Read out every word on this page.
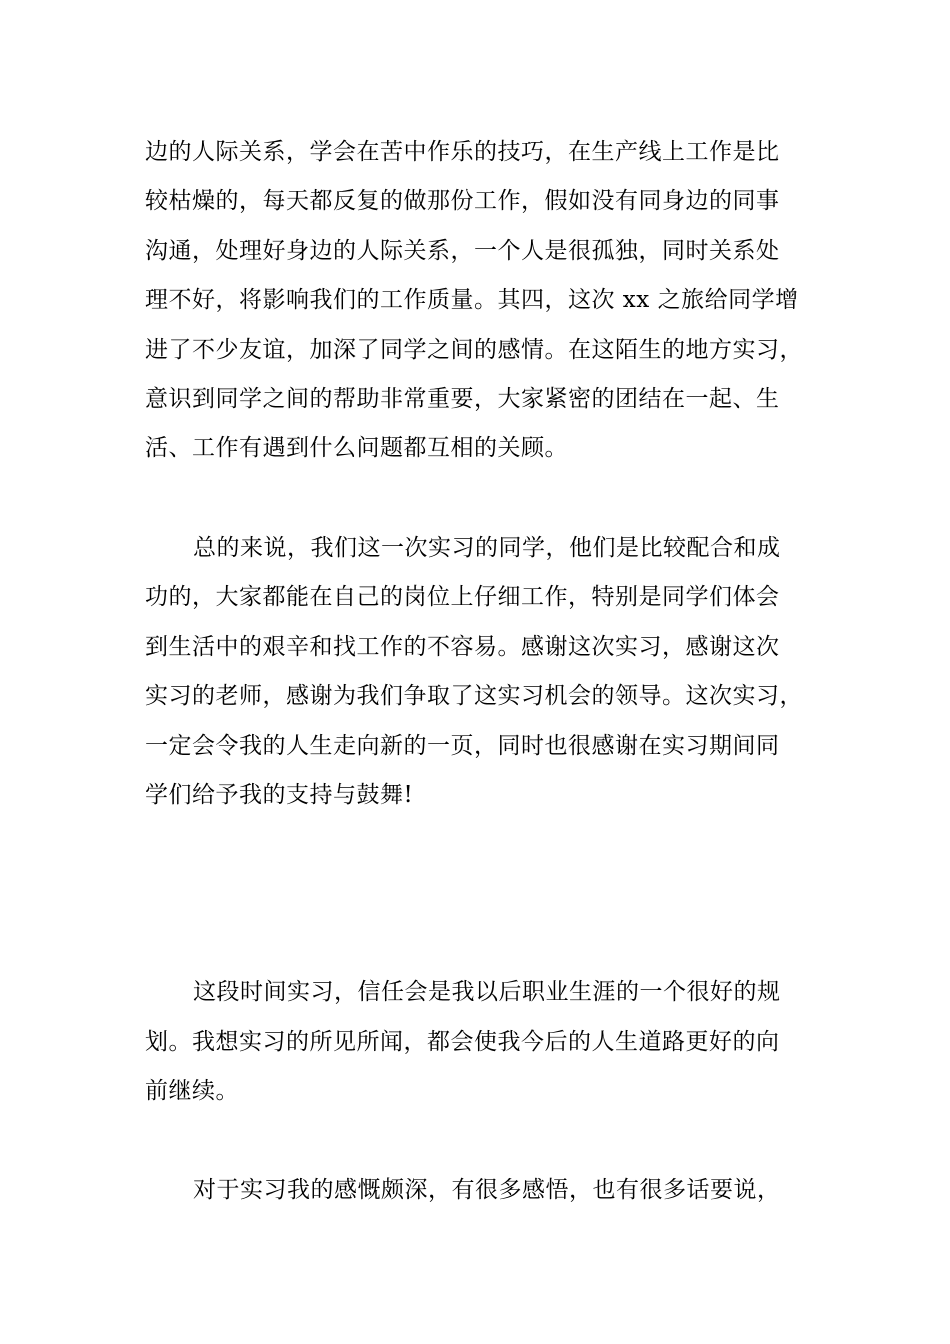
边的人际关系，学会在苦中作乐的技巧，在生产线上工作是比
较枯燥的，每天都反复的做那份工作，假如没有同身边的同事
沟通，处理好身边的人际关系，一个人是很孤独，同时关系处
理不好，将影响我们的工作质量。其四，这次 xx 之旅给同学增
进了不少友谊，加深了同学之间的感情。在这陌生的地方实习，
意识到同学之间的帮助非常重要，大家紧密的团结在一起、生
活、工作有遇到什么问题都互相的关顾。
总的来说，我们这一次实习的同学，他们是比较配合和成
功的，大家都能在自己的岗位上仔细工作，特别是同学们体会
到生活中的艰辛和找工作的不容易。感谢这次实习，感谢这次
实习的老师，感谢为我们争取了这实习机会的领导。这次实习，
一定会令我的人生走向新的一页，同时也很感谢在实习期间同
学们给予我的支持与鼓舞!
这段时间实习，信任会是我以后职业生涯的一个很好的规
划。我想实习的所见所闻，都会使我今后的人生道路更好的向
前继续。
对于实习我的感慨颇深，有很多感悟，也有很多话要说，
